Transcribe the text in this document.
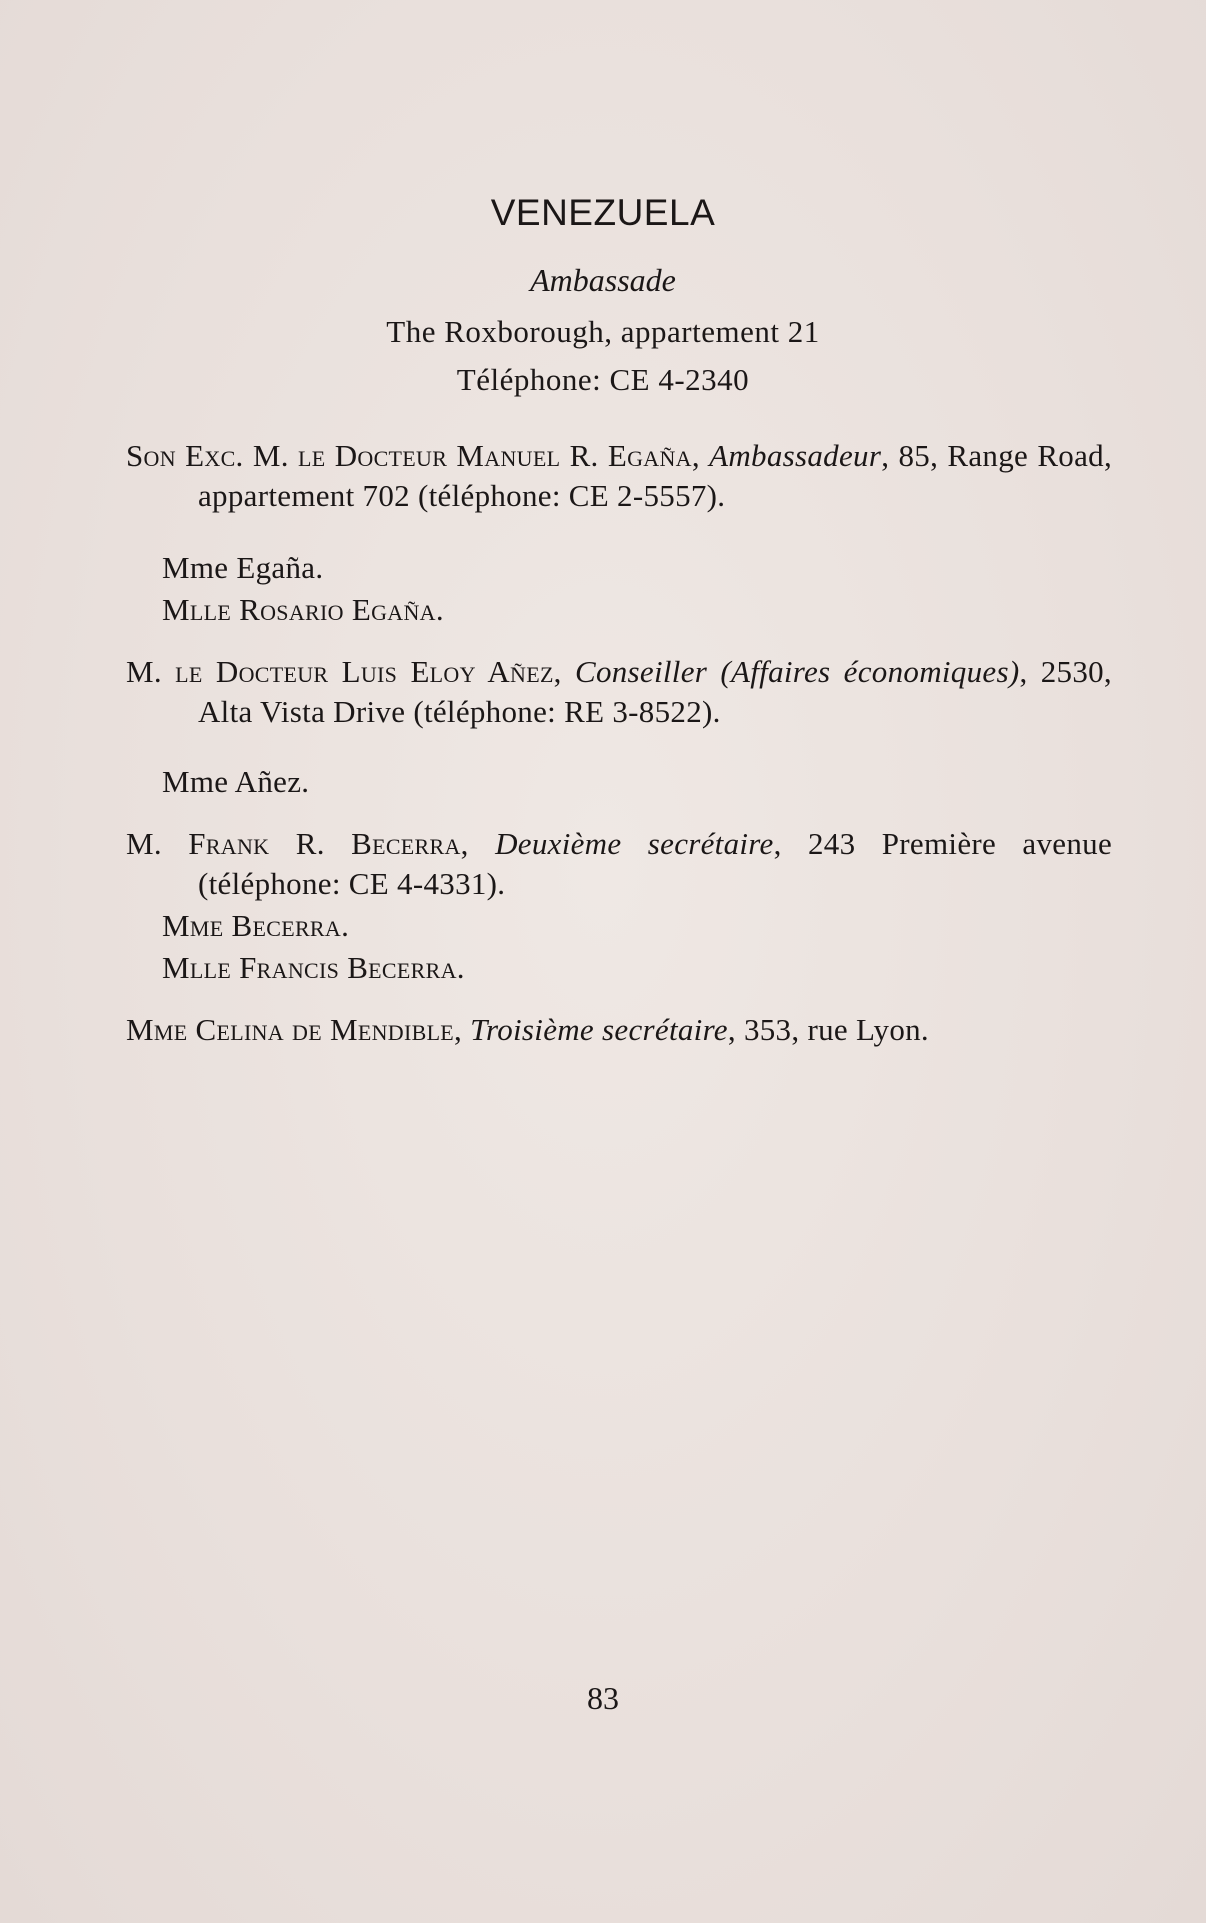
VENEZUELA
Ambassade
The Roxborough, appartement 21
Téléphone: CE 4-2340
Son Exc. M. le Docteur Manuel R. Egaña, Ambassadeur, 85, Range Road, appartement 702 (téléphone: CE 2-5557).
Mme Egaña.
Mlle Rosario Egaña.
M. le Docteur Luis Eloy Añez, Conseiller (Affaires économiques), 2530, Alta Vista Drive (téléphone: RE 3-8522).
Mme Añez.
M. Frank R. Becerra, Deuxième secrétaire, 243 Première avenue (téléphone: CE 4-4331).
Mme Becerra.
Mlle Francis Becerra.
Mme Celina de Mendible, Troisième secrétaire, 353, rue Lyon.
83
